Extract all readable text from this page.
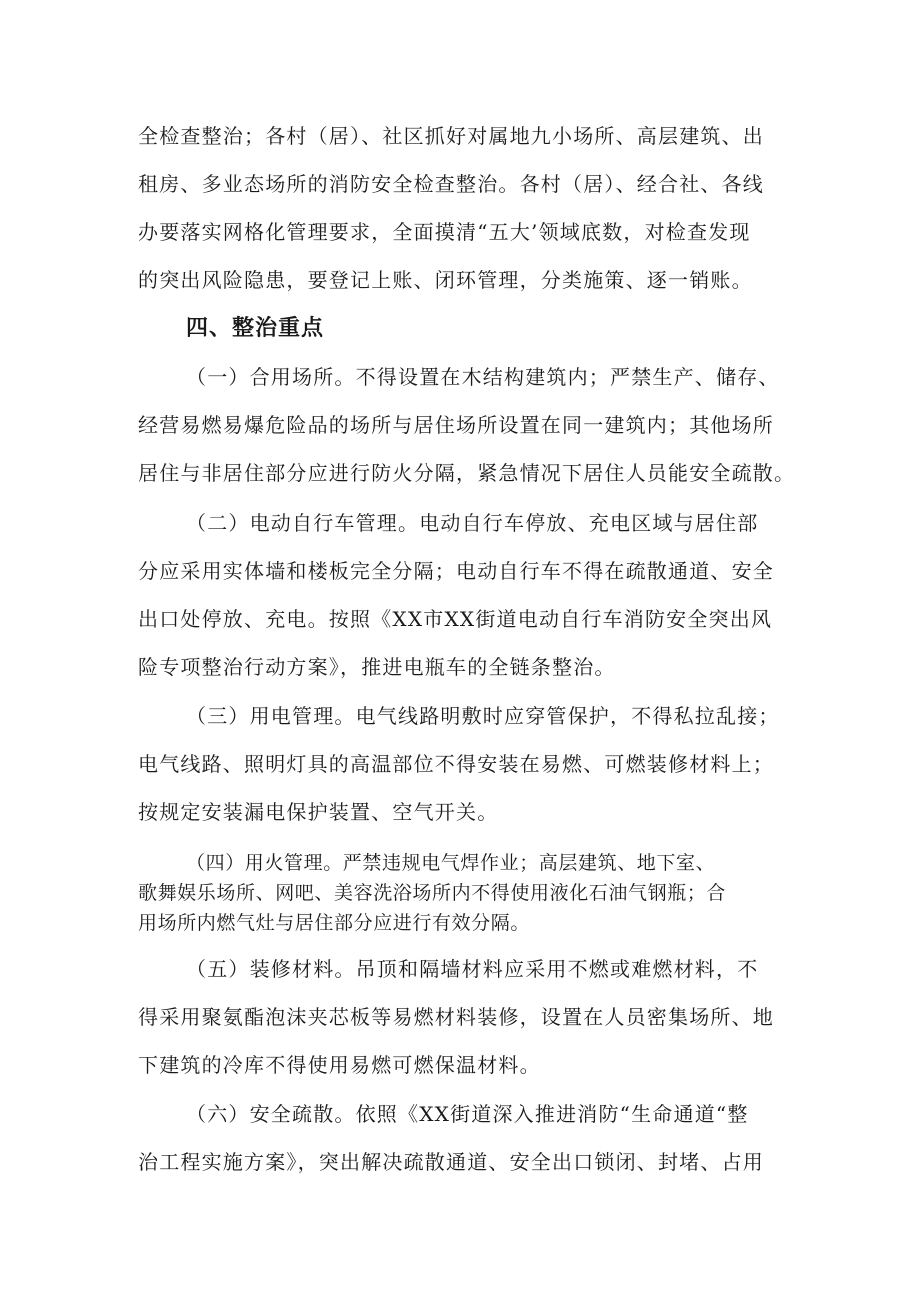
全检查整治；各村（居）、社区抓好对属地九小场所、高层建筑、出
租房、多业态场所的消防安全检查整治。各村（居）、经合社、各线
办要落实网格化管理要求，全面摸清“五大’领域底数，对检查发现
的突出风险隐患，要登记上账、闭环管理，分类施策、逐一销账。
四、整治重点
（一）合用场所。不得设置在木结构建筑内；严禁生产、储存、
经营易燃易爆危险品的场所与居住场所设置在同一建筑内；其他场所
居住与非居住部分应进行防火分隔，紧急情况下居住人员能安全疏散。
（二）电动自行车管理。电动自行车停放、充电区域与居住部
分应采用实体墙和楼板完全分隔；电动自行车不得在疏散通道、安全
出口处停放、充电。按照《XX市XX街道电动自行车消防安全突出风
险专项整治行动方案》，推进电瓶车的全链条整治。
（三）用电管理。电气线路明敷时应穿管保护，不得私拉乱接；
电气线路、照明灯具的高温部位不得安装在易燃、可燃装修材料上；
按规定安装漏电保护装置、空气开关。
（四）用火管理。严禁违规电气焊作业；高层建筑、地下室、
歌舞娱乐场所、网吧、美容洗浴场所内不得使用液化石油气钢瓶；合
用场所内燃气灶与居住部分应进行有效分隔。
（五）装修材料。吊顶和隔墙材料应采用不燃或难燃材料，不
得采用聚氨酯泡沫夹芯板等易燃材料装修，设置在人员密集场所、地
下建筑的冷库不得使用易燃可燃保温材料。
（六）安全疏散。依照《XX街道深入推进消防“生命通道“整
治工程实施方案》，突出解决疏散通道、安全出口锁闭、封堵、占用
